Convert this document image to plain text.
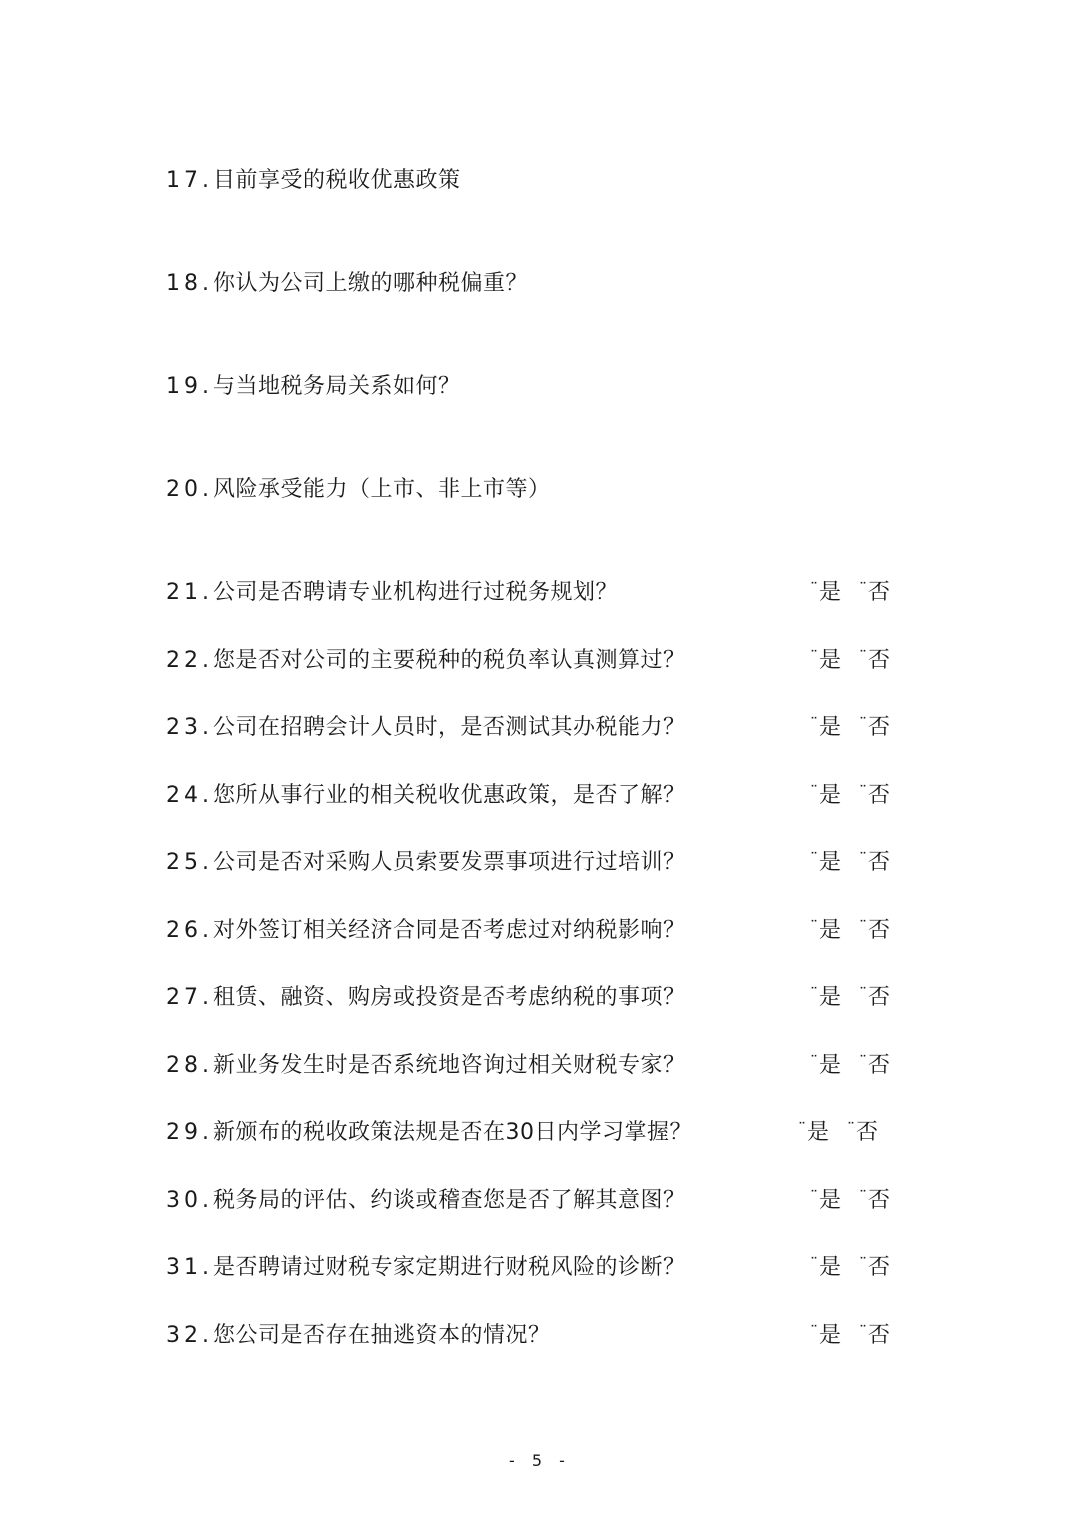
17.目前享受的税收优惠政策
18.你认为公司上缴的哪种税偏重？
19.与当地税务局关系如何？
20.风险承受能力（上市、非上市等）
21.公司是否聘请专业机构进行过税务规划？	¨是 ¨否
22.您是否对公司的主要税种的税负率认真测算过？	¨是 ¨否
23.公司在招聘会计人员时，是否测试其办税能力？	¨是 ¨否
24.您所从事行业的相关税收优惠政策，是否了解？	¨是 ¨否
25.公司是否对采购人员索要发票事项进行过培训？	¨是 ¨否
26.对外签订相关经济合同是否考虑过对纳税影响？	¨是 ¨否
27.租赁、融资、购房或投资是否考虑纳税的事项？	¨是 ¨否
28.新业务发生时是否系统地咨询过相关财税专家？	¨是 ¨否
29.新颁布的税收政策法规是否在30日内学习掌握？	¨是 ¨否
30.税务局的评估、约谈或稽查您是否了解其意图？	¨是 ¨否
31.是否聘请过财税专家定期进行财税风险的诊断？	¨是 ¨否
32.您公司是否存在抽逃资本的情况？	¨是 ¨否
- 5 -
